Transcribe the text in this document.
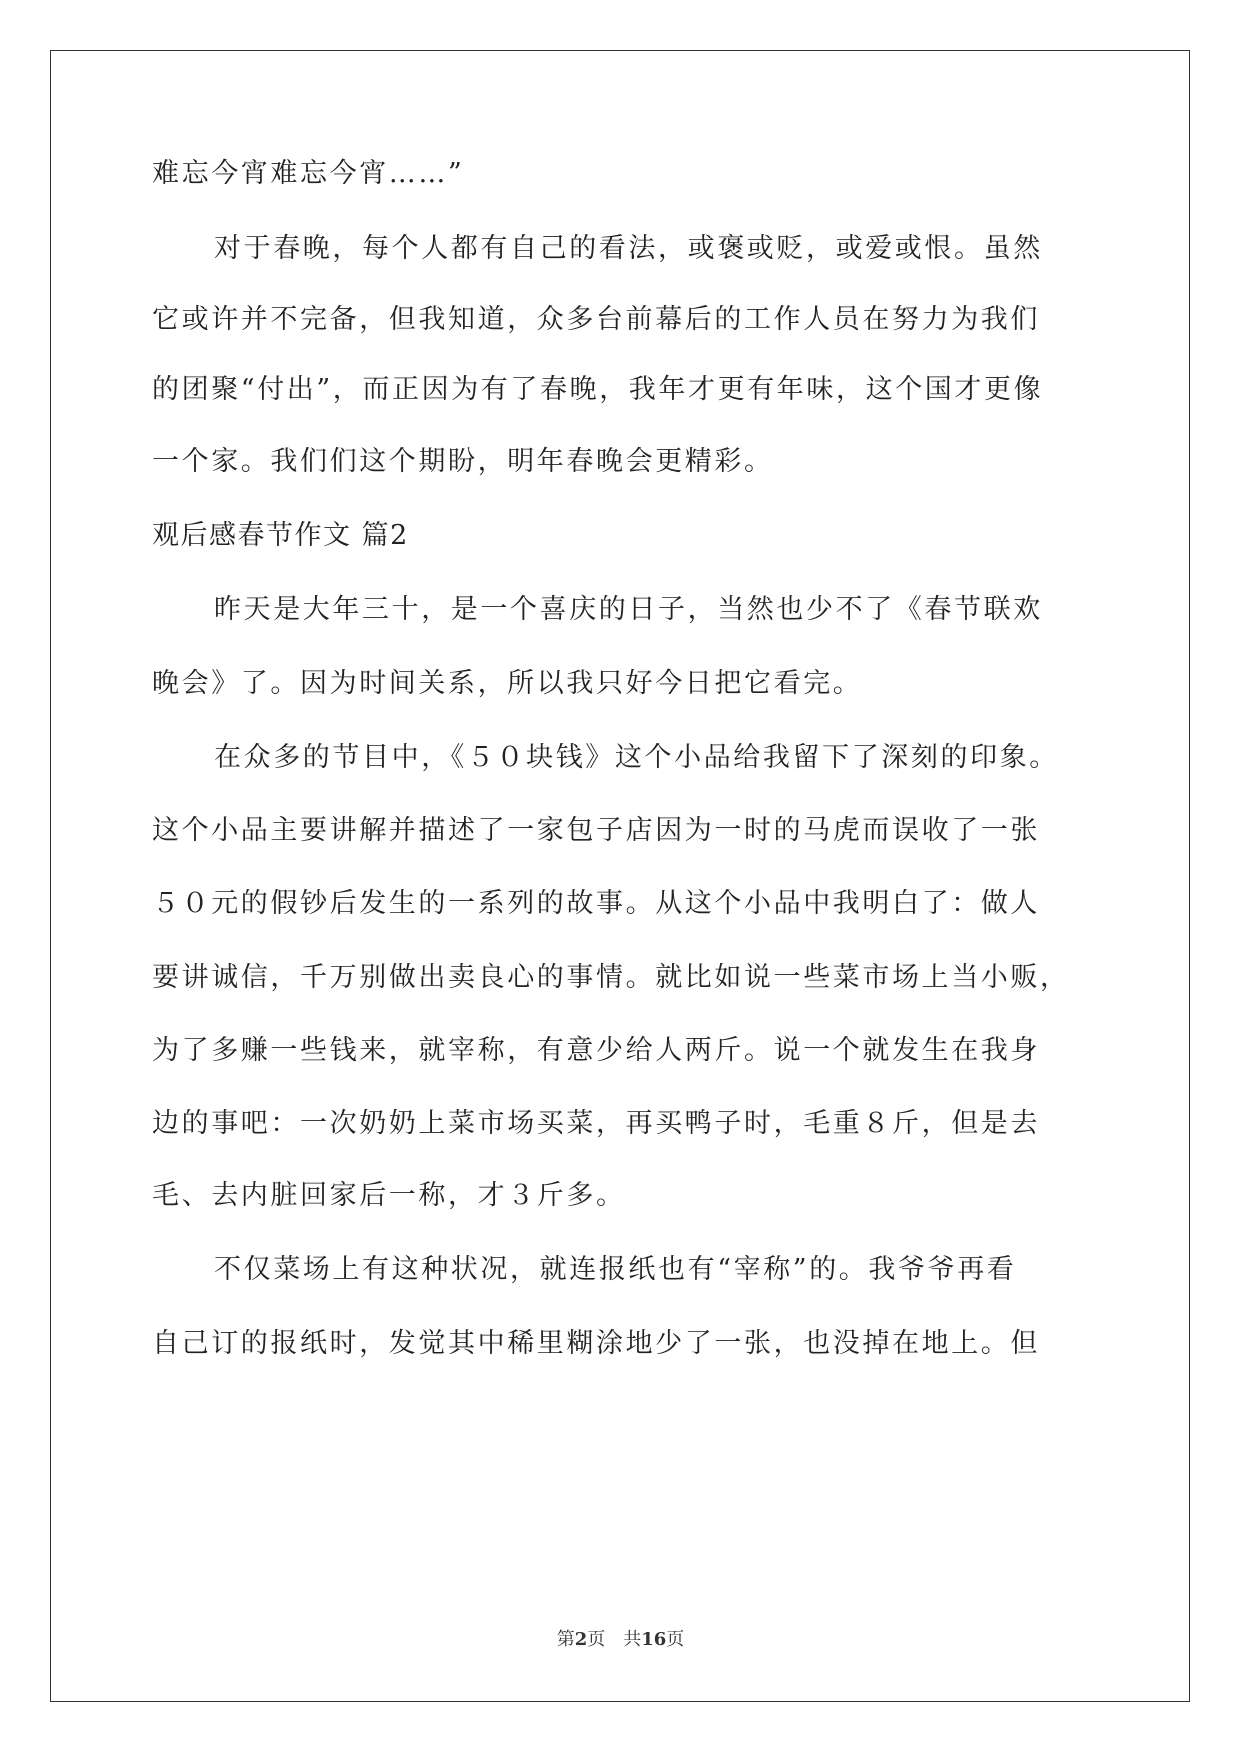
难忘今宵难忘今宵……”
对于春晚，每个人都有自己的看法，或褒或贬，或爱或恨。虽然
它或许并不完备，但我知道，众多台前幕后的工作人员在努力为我们
的团聚“付出”，而正因为有了春晚，我年才更有年味，这个国才更像
一个家。我们们这个期盼，明年春晚会更精彩。
观后感春节作文 篇2
昨天是大年三十，是一个喜庆的日子，当然也少不了《春节联欢
晚会》了。因为时间关系，所以我只好今日把它看完。
在众多的节目中，《５０块钱》这个小品给我留下了深刻的印象。
这个小品主要讲解并描述了一家包子店因为一时的马虎而误收了一张
５０元的假钞后发生的一系列的故事。从这个小品中我明白了：做人
要讲诚信，千万别做出卖良心的事情。就比如说一些菜市场上当小贩，
为了多赚一些钱来，就宰称，有意少给人两斤。说一个就发生在我身
边的事吧：一次奶奶上菜市场买菜，再买鸭子时，毛重８斤，但是去
毛、去内脏回家后一称，才３斤多。
不仅菜场上有这种状况，就连报纸也有“宰称”的。我爷爷再看
自己订的报纸时，发觉其中稀里糊涂地少了一张，也没掉在地上。但
第2页 共16页
